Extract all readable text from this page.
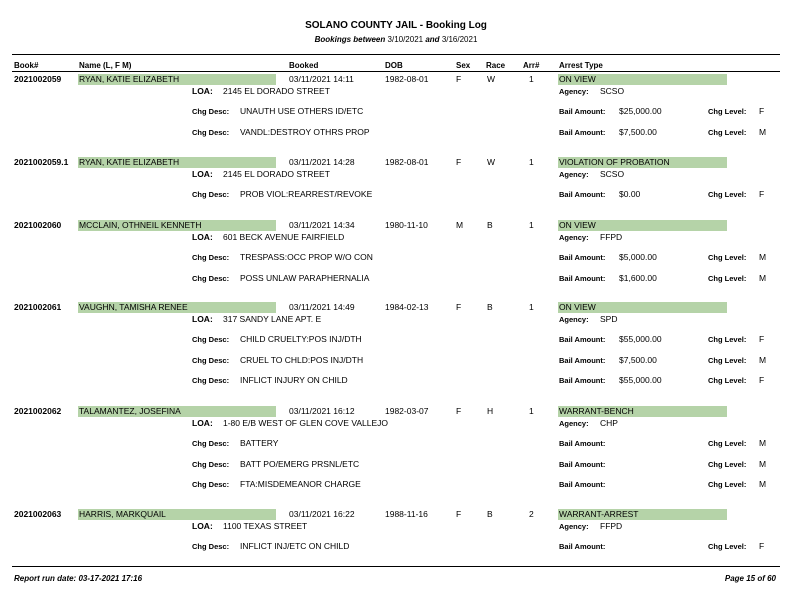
SOLANO COUNTY JAIL - Booking Log
Bookings between 3/10/2021 and 3/16/2021
Book#	Name (L, F M)	Booked	DOB	Sex Race Arr# Arrest Type
2021002059 RYAN, KATIE ELIZABETH	03/11/2021 14:11	1982-08-01	F	W	1	ON VIEW
LOA: 2145 EL DORADO STREET	Agency: SCSO
Chg Desc: UNAUTH USE OTHERS ID/ETC	Bail Amount: $25,000.00	Chg Level: F
Chg Desc: VANDL:DESTROY OTHRS PROP	Bail Amount: $7,500.00	Chg Level: M
2021002059.1 RYAN, KATIE ELIZABETH	03/11/2021 14:28	1982-08-01	F	W	1	VIOLATION OF PROBATION
LOA: 2145 EL DORADO STREET	Agency: SCSO
Chg Desc: PROB VIOL:REARREST/REVOKE	Bail Amount: $0.00	Chg Level: F
2021002060 MCCLAIN, OTHNEIL KENNETH	03/11/2021 14:34	1980-11-10	M	B	1	ON VIEW
LOA: 601 BECK AVENUE FAIRFIELD	Agency: FFPD
Chg Desc: TRESPASS:OCC PROP W/O CON	Bail Amount: $5,000.00	Chg Level: M
Chg Desc: POSS UNLAW PARAPHERNALIA	Bail Amount: $1,600.00	Chg Level: M
2021002061 VAUGHN, TAMISHA RENEE	03/11/2021 14:49	1984-02-13	F	B	1	ON VIEW
LOA: 317 SANDY LANE APT. E	Agency: SPD
Chg Desc: CHILD CRUELTY:POS INJ/DTH	Bail Amount: $55,000.00	Chg Level: F
Chg Desc: CRUEL TO CHLD:POS INJ/DTH	Bail Amount: $7,500.00	Chg Level: M
Chg Desc: INFLICT INJURY ON CHILD	Bail Amount: $55,000.00	Chg Level: F
2021002062 TALAMANTEZ, JOSEFINA	03/11/2021 16:12	1982-03-07	F	H	1	WARRANT-BENCH
LOA: 1-80 E/B WEST OF GLEN COVE VALLEJO	Agency: CHP
Chg Desc: BATTERY	Bail Amount:	Chg Level: M
Chg Desc: BATT PO/EMERG PRSNL/ETC	Bail Amount:	Chg Level: M
Chg Desc: FTA:MISDEMEANOR CHARGE	Bail Amount:	Chg Level: M
2021002063 HARRIS, MARKQUAIL	03/11/2021 16:22	1988-11-16	F	B	2	WARRANT-ARREST
LOA: 1100 TEXAS STREET	Agency: FFPD
Chg Desc: INFLICT INJ/ETC ON CHILD	Bail Amount:	Chg Level: F
Report run date: 03-17-2021 17:16	Page 15 of 60
